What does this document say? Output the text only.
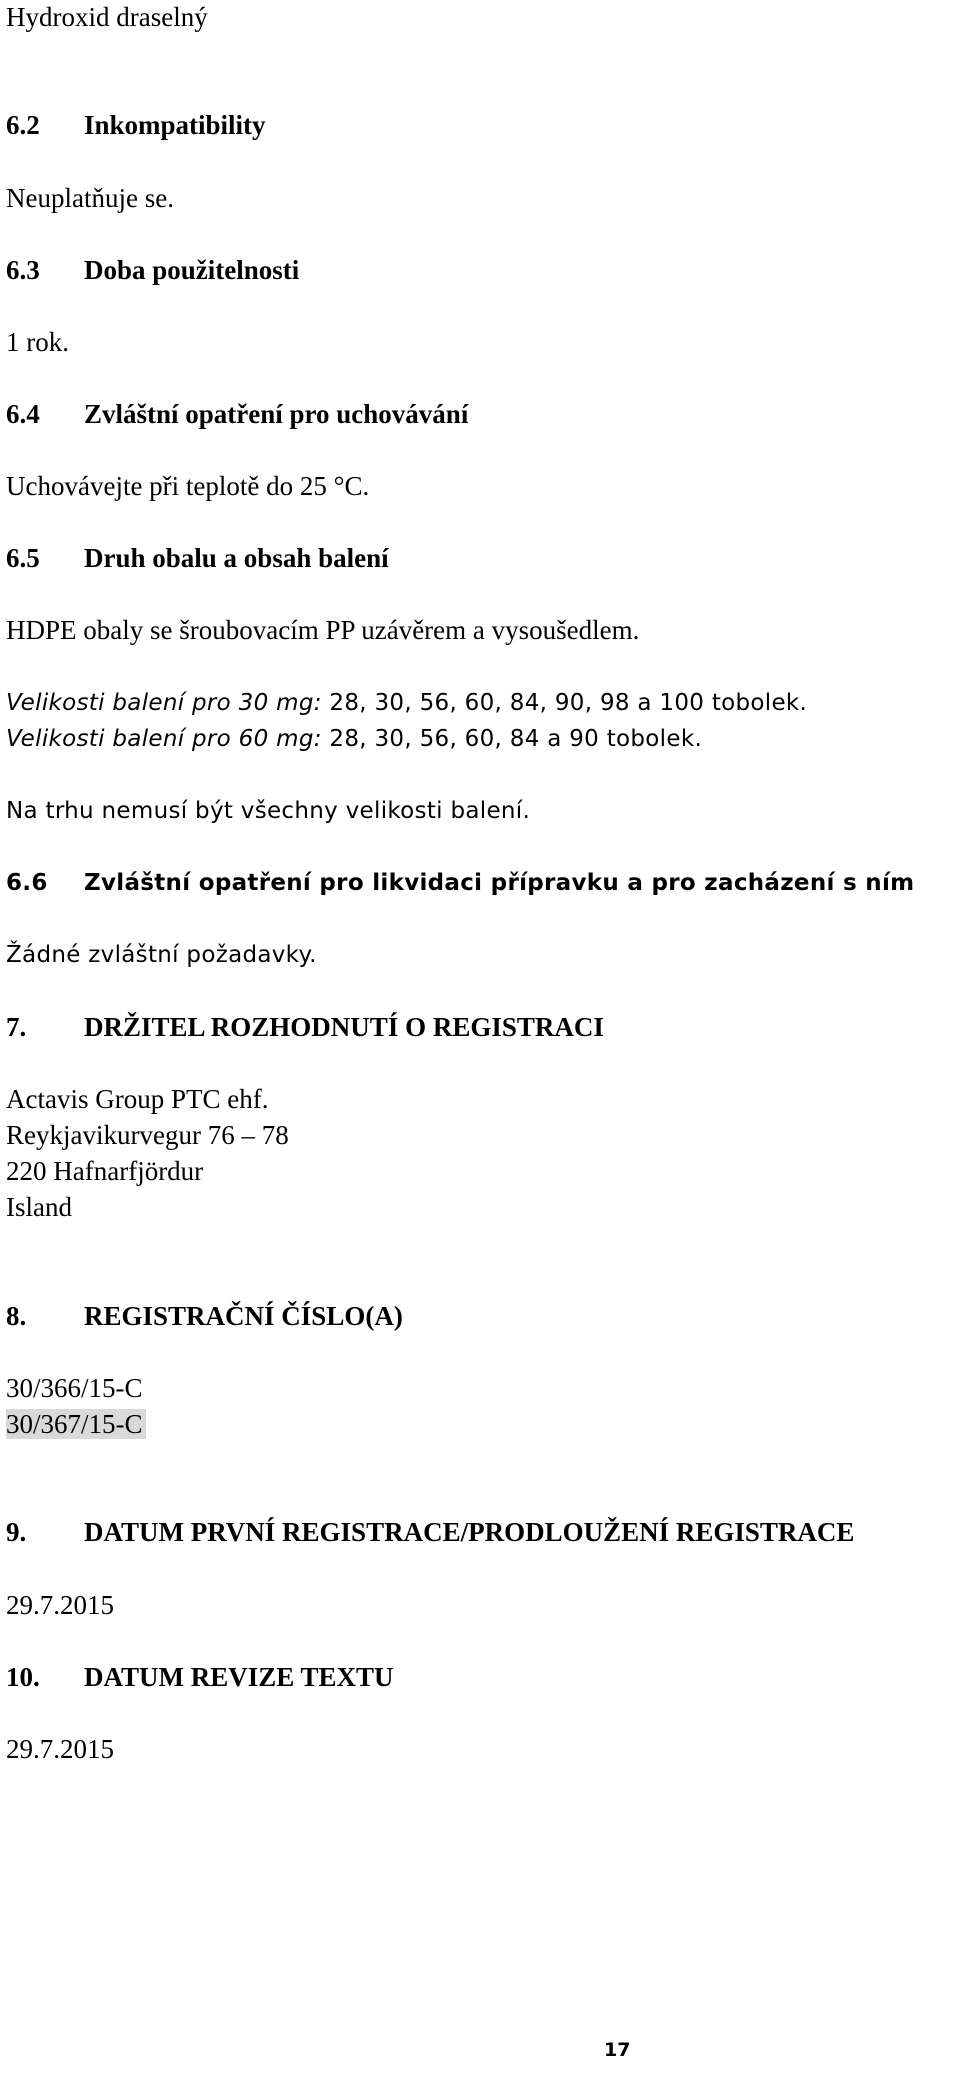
Hydroxid draselný
6.2 Inkompatibility
Neuplatňuje se.
6.3 Doba použitelnosti
1 rok.
6.4 Zvláštní opatření pro uchovávání
Uchovávejte při teplotě do 25 °C.
6.5 Druh obalu a obsah balení
HDPE obaly se šroubovacím PP uzávěrem a vysoušedlem.
Velikosti balení pro 30 mg: 28, 30, 56, 60, 84, 90, 98 a 100 tobolek.
Velikosti balení pro 60 mg: 28, 30, 56, 60, 84 a 90 tobolek.
Na trhu nemusí být všechny velikosti balení.
6.6 Zvláštní opatření pro likvidaci přípravku a pro zacházení s ním
Žádné zvláštní požadavky.
7. DRŽITEL ROZHODNUTÍ O REGISTRACI
Actavis Group PTC ehf.
Reykjavikurvegur 76 – 78
220 Hafnarfjördur
Island
8. REGISTRAČNÍ ČÍSLO(A)
30/366/15-C
30/367/15-C
9. DATUM PRVNÍ REGISTRACE/PRODLOUŽENÍ REGISTRACE
29.7.2015
10. DATUM REVIZE TEXTU
29.7.2015
17
